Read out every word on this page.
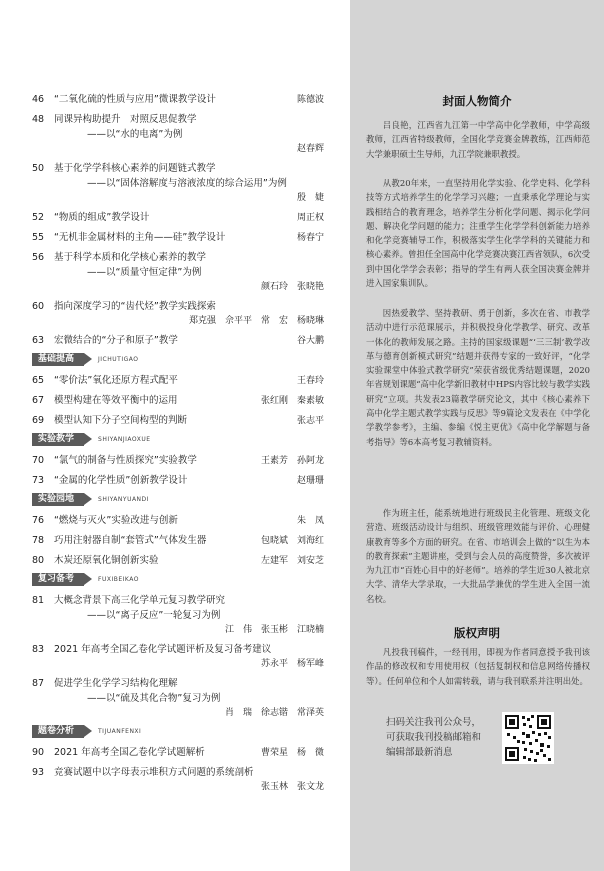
46	“二氧化硫的性质与应用”微课教学设计	陈德波
48	同课异构助提升　对照反思促教学
——以“水的电离”为例
赵春辉
50	基于化学学科核心素养的问题链式教学
——以“固体溶解度与溶液浓度的综合运用”为例
殷　婕
52	“物质的组成”教学设计	周正权
55	“无机非金属材料的主角——硅”教学设计	杨春宁
56	基于科学本质和化学核心素养的教学
——以“质量守恒定律”为例
颜石玲　张晓艳
60	指向深度学习的“齿代烃”教学实践探索
郑克强　佘平平　常　宏　杨晓琳
63	宏微结合的“分子和原子”教学	谷大鹏
基础提高	JICHUTIGAO
65	“零价法”氧化还原方程式配平	王春玲
67	模型构建在等效平衡中的运用	张红刚　秦素敏
69	模型认知下分子空间构型的判断	张志平
实验教学	SHIYANJIAOXUE
70	“氯气的制备与性质探究”实验教学	王素芳　孙阿龙
73	“金属的化学性质”创新教学设计	赵珊珊
实验园地	SHIYANYUANDI
76	“燃烧与灭火”实验改进与创新	朱　凤
78	巧用注射器自制“套管式”气体发生器	包晓斌　刘海红
80	木炭还原氧化铜创新实验	左建军　刘安芝
复习备考	FUXIBEIKAO
81	大概念背景下高三化学单元复习教学研究
——以“离子反应”一轮复习为例
江　伟　张玉彬　江晓楠
83	2021 年高考全国乙卷化学试题评析及复习备考建议
苏永平　杨军峰
87	促进学生化学学习结构化理解
——以“硫及其化合物”复习为例
肖　瑞　徐志锴　常泽英
题卷分析	TIJUANFENXI
90	2021 年高考全国乙卷化学试题解析	曹荣星　杨　微
93	竞赛试题中以字母表示堆积方式问题的系统剖析
张玉林　张文龙
封面人物简介

吕良艳，江西省九江第一中学高中化学教师，中学高级教师，江西省特级教师，全国化学竞赛金牌教练，江西师范大学兼职硕士生导师，九江学院兼职教授。

从教20年来，一直坚持用化学实验、化学史料、化学科技等方式培养学生的化学学习兴趣；一直秉承化学理论与实践相结合的教育理念，培养学生分析化学问题、揭示化学问题、解决化学问题的能力；注重学生化学学科创新能力培养和化学竞赛辅导工作，积极落实学生化学学科的关键能力和核心素养。曾担任全国高中化学竞赛决赛江西省领队，6次受到中国化学学会表彰；指导的学生有两人获全国决赛金牌并进入国家集训队。

因热爱教学、坚持教研、勇于创新，多次在省、市教学活动中进行示范课展示，并积极投身化学教学、研究、改革一体化的教师发展之路。主持的国家级课题“‘三三制’教学改革与德育创新模式研究”结题并获得专家的一致好评，“化学实验课堂中体验式教学研究”荣获省级优秀结题课题，2020年省规划课题“高中化学新旧教材中HPS内容比较与教学实践研究”立项。共发表23篇教学研究论文，其中《核心素养下高中化学主题式教学实践与反思》等9篇论文发表在《中学化学教学参考》，主编、参编《悦主更优》《高中化学解题与备考指导》等6本高考复习教辅资料。

作为班主任，能系统地进行班级民主化管理、班级文化营造、班级活动设计与组织、班级管理效能与评价、心理健康教育等多个方面的研究。在省、市培训会上做的“以生为本的教育探索”主题讲座，受到与会人员的高度赞誉，多次被评为九江市“百姓心目中的好老师”。培养的学生近30人被北京大学、清华大学录取，一大批品学兼优的学生进入全国一流名校。

版权声明

凡投我刊稿件，一经刊用，即视为作者同意授予我刊该作品的修改权和专用使用权（包括复制权和信息网络传播权等）。任何单位和个人如需转载，请与我刊联系并注明出处。

扫码关注我刊公众号，可获取我刊投稿邮箱和编辑部最新消息
